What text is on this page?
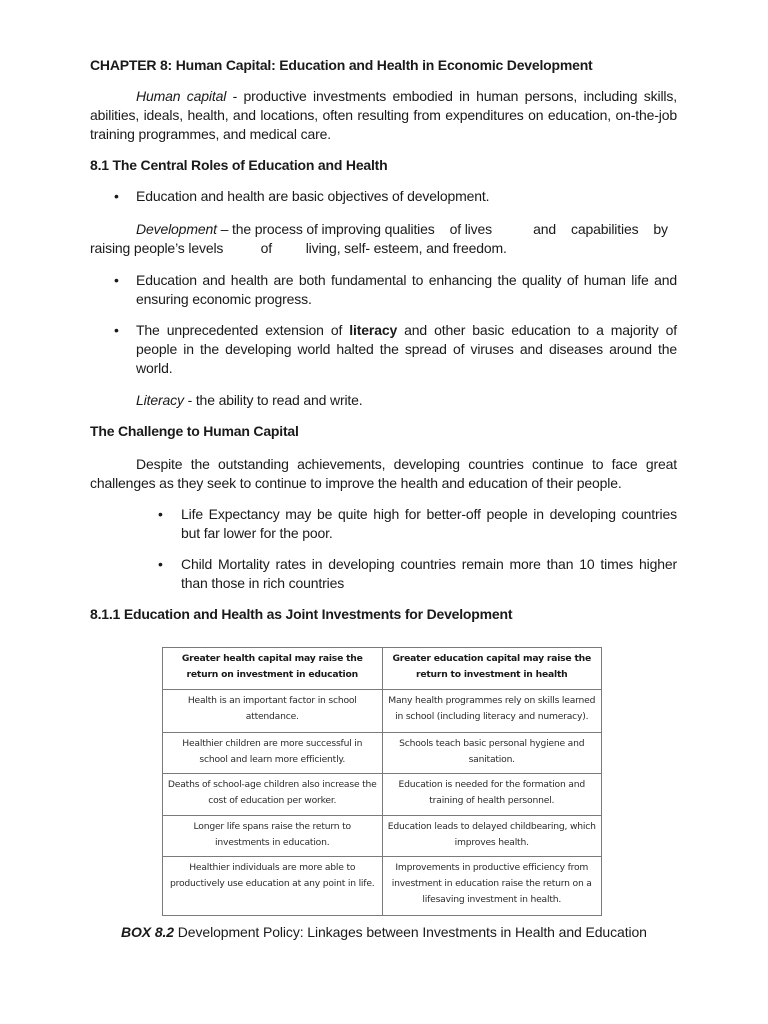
CHAPTER 8: Human Capital: Education and Health in Economic Development
Human capital - productive investments embodied in human persons, including skills,
abilities, ideals, health, and locations, often resulting from expenditures on education, on-the-job
training programmes, and medical care.
8.1 The Central Roles of Education and Health
• Education and health are basic objectives of development.
Development – the process of improving qualities    of lives           and    capabilities    by
raising people’s levels          of         living, self- esteem, and freedom.
• Education and health are both fundamental to enhancing the quality of human life and ensuring economic progress.
• The unprecedented extension of literacy and other basic education to a majority of people in the developing world halted the spread of viruses and diseases around the world.
Literacy - the ability to read and write.
The Challenge to Human Capital
Despite the outstanding achievements, developing countries continue to face great challenges as they seek to continue to improve the health and education of their people.
• Life Expectancy may be quite high for better-off people in developing countries but far lower for the poor.
• Child Mortality rates in developing countries remain more than 10 times higher than those in rich countries
8.1.1 Education and Health as Joint Investments for Development
Greater health capital may raise the return on investment in education	Greater education capital may raise the return to investment in health
Health is an important factor in school attendance.	Many health programmes rely on skills learned in school (including literacy and numeracy).
Healthier children are more successful in school and learn more efficiently.	Schools teach basic personal hygiene and sanitation.
Deaths of school-age children also increase the cost of education per worker.	Education is needed for the formation and training of health personnel.
Longer life spans raise the return to investments in education.	Education leads to delayed childbearing, which improves health.
Healthier individuals are more able to productively use education at any point in life.	Improvements in productive efficiency from investment in education raise the return on a lifesaving investment in health.
BOX 8.2 Development Policy: Linkages between Investments in Health and Education
